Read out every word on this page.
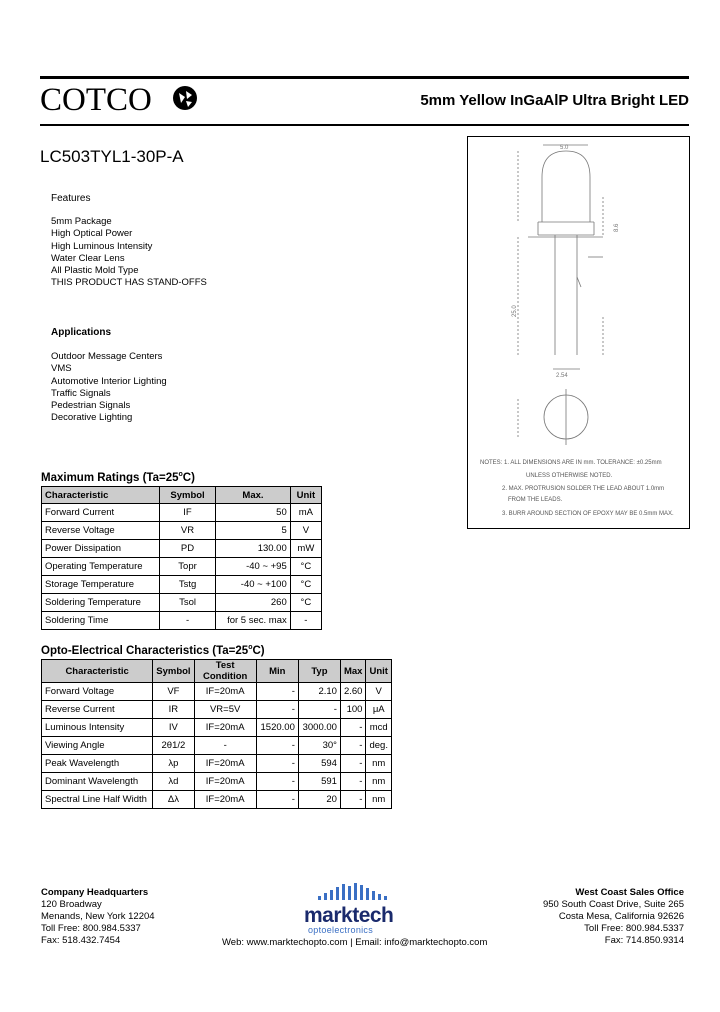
COTCO	5mm Yellow InGaAlP Ultra Bright LED
LC503TYL1-30P-A
Features
5mm Package
High Optical Power
High Luminous Intensity
Water Clear Lens
All Plastic Mold Type
THIS PRODUCT HAS STAND-OFFS
Applications
Outdoor Message Centers
VMS
Automotive Interior Lighting
Traffic Signals
Pedestrian Signals
Decorative Lighting
5.0
25.0
8.6
2.54
NOTES: 1. ALL DIMENSIONS ARE IN mm. TOLERANCE: ±0.25mm
UNLESS OTHERWISE NOTED.
2. MAX. PROTRUSION SOLDER THE LEAD ABOUT 1.0mm
FROM THE LEADS.
3. BURR AROUND SECTION OF EPOXY MAY BE 0.5mm MAX.
Maximum Ratings $(Ta=25^oC)$
Characteristic	Symbol	Max.	Unit
Forward Current	IF	50	mA
Reverse Voltage	VR	5	V
Power Dissipation	PD	130.00	mW
Operating Temperature	Topr	-40 ~ +95	°C
Storage Temperature	Tstg	-40 ~ +100	°C
Soldering Temperature	Tsol	260	°C
Soldering Time	-	for 5 sec. max	-
Opto-Electrical Characteristics $(Ta=25^oC)$
Characteristic	Symbol	Test Condition	Min	Typ	Max	Unit
Forward Voltage	VF	IF=20mA	-	2.10	2.60	V
Reverse Current	IR	VR=5V	-	-	100	μA
Luminous Intensity	IV	IF=20mA	1520.00	3000.00	-	mcd
Viewing Angle	2θ1/2	-	-	30°	-	deg.
Peak Wavelength	λp	IF=20mA	-	594	-	nm
Dominant Wavelength	λd	IF=20mA	-	591	-	nm
Spectral Line Half Width	Δλ	IF=20mA	-	20	-	nm
Company Headquarters
120 Broadway
Menands, New York 12204
Toll Free: 800.984.5337
Fax: 518.432.7454
marktech
optoelectronics
Web: www.marktechopto.com | Email: info@marktechopto.com
West Coast Sales Office
950 South Coast Drive, Suite 265
Costa Mesa, California 92626
Toll Free: 800.984.5337
Fax: 714.850.9314
